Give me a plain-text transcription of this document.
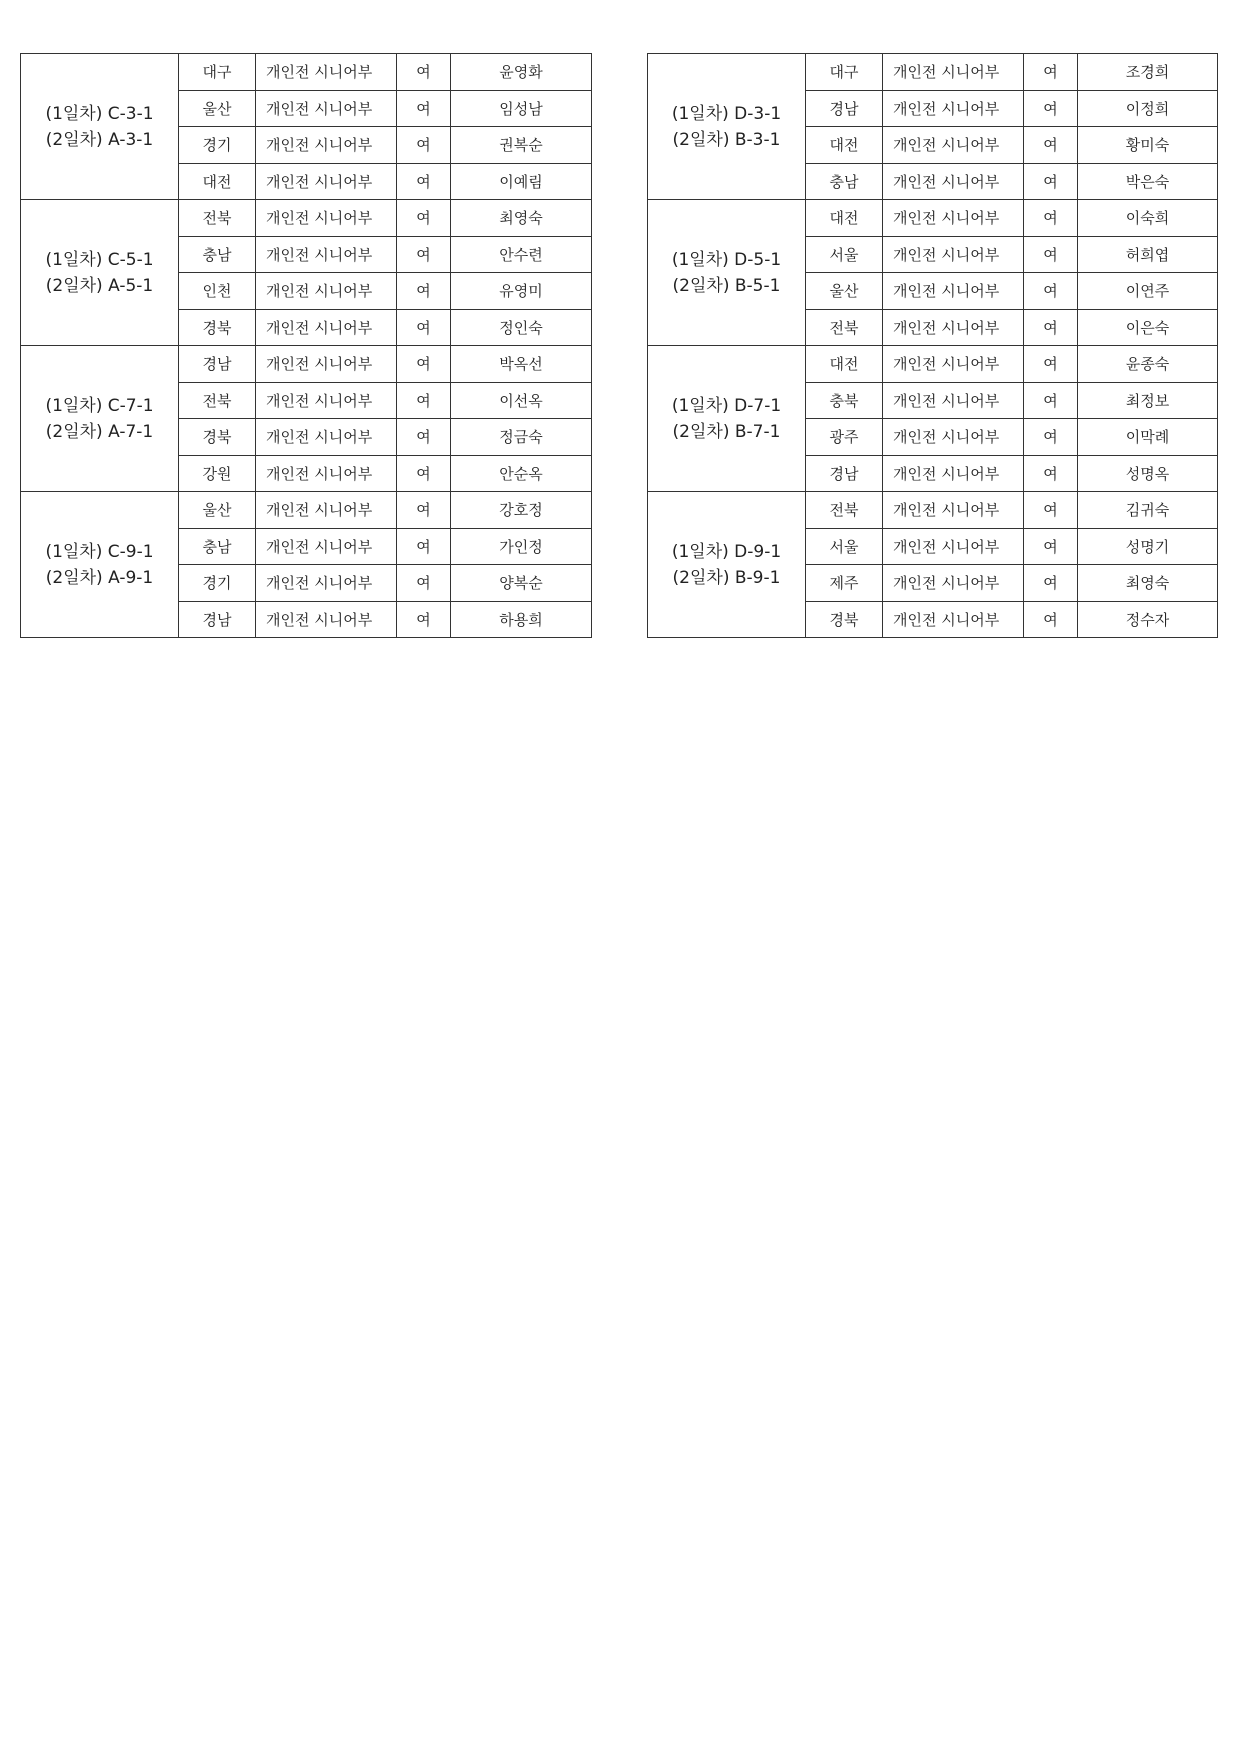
(1일차) C-3-1
(2일차) A-3-1	대구	개인전 시니어부	여	윤영화
	울산	개인전 시니어부	여	임성남
	경기	개인전 시니어부	여	권복순
	대전	개인전 시니어부	여	이예림

(1일차) C-5-1
(2일차) A-5-1	전북	개인전 시니어부	여	최영숙
	충남	개인전 시니어부	여	안수련
	인천	개인전 시니어부	여	유영미
	경북	개인전 시니어부	여	정인숙

(1일차) C-7-1
(2일차) A-7-1	경남	개인전 시니어부	여	박옥선
	전북	개인전 시니어부	여	이선옥
	경북	개인전 시니어부	여	정금숙
	강원	개인전 시니어부	여	안순옥

(1일차) C-9-1
(2일차) A-9-1	울산	개인전 시니어부	여	강호정
	충남	개인전 시니어부	여	가인정
	경기	개인전 시니어부	여	양복순
	경남	개인전 시니어부	여	하용희
(1일차) D-3-1
(2일차) B-3-1	대구	개인전 시니어부	여	조경희
	경남	개인전 시니어부	여	이정희
	대전	개인전 시니어부	여	황미숙
	충남	개인전 시니어부	여	박은숙

(1일차) D-5-1
(2일차) B-5-1	대전	개인전 시니어부	여	이숙희
	서울	개인전 시니어부	여	허희엽
	울산	개인전 시니어부	여	이연주
	전북	개인전 시니어부	여	이은숙

(1일차) D-7-1
(2일차) B-7-1	대전	개인전 시니어부	여	윤종숙
	충북	개인전 시니어부	여	최정보
	광주	개인전 시니어부	여	이막례
	경남	개인전 시니어부	여	성명옥

(1일차) D-9-1
(2일차) B-9-1	전북	개인전 시니어부	여	김귀숙
	서울	개인전 시니어부	여	성명기
	제주	개인전 시니어부	여	최영숙
	경북	개인전 시니어부	여	정수자
